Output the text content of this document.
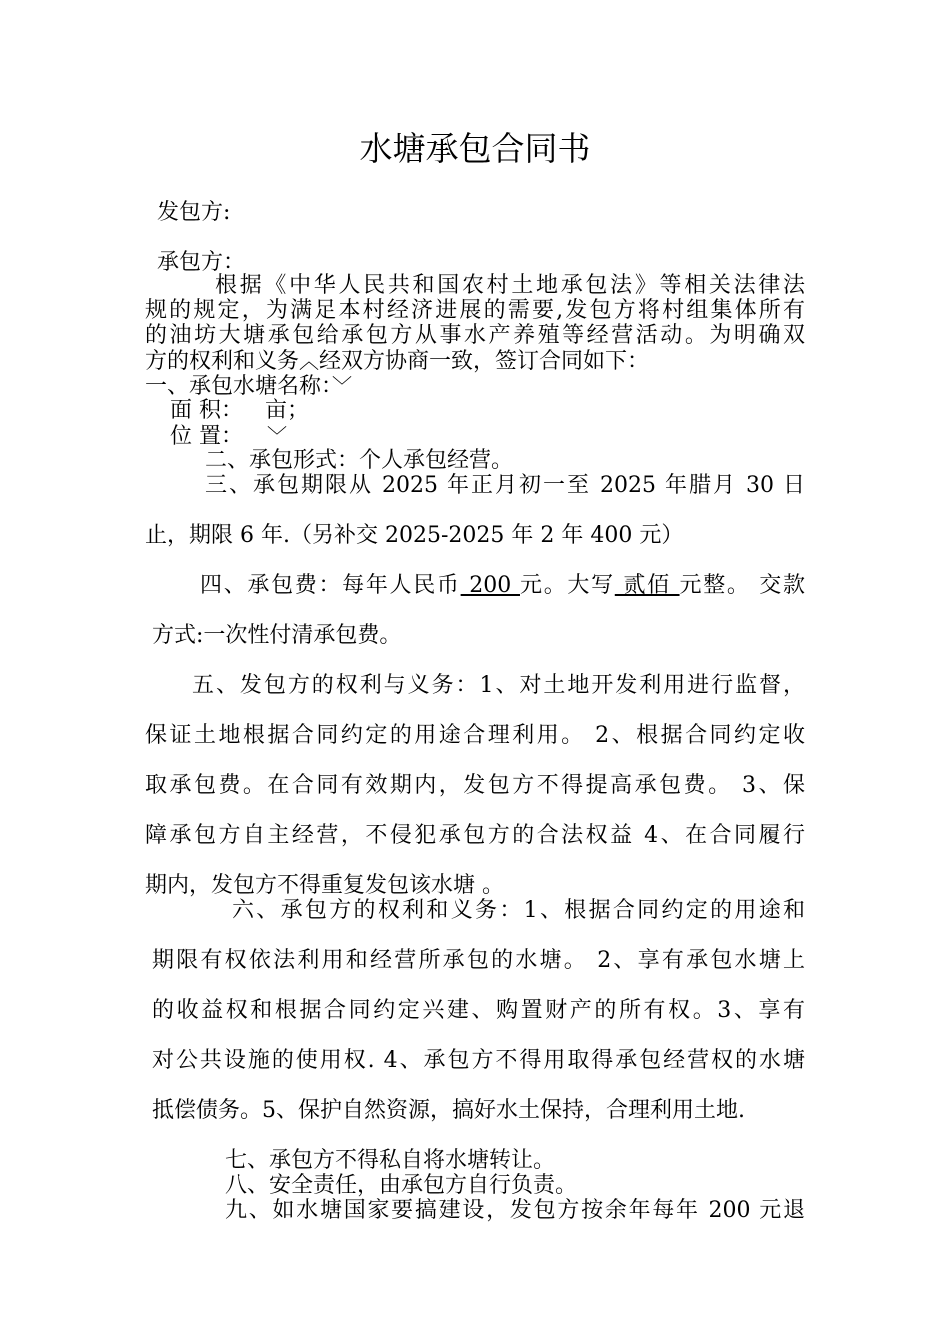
水塘承包合同书

发包方:

承包方：

根据《中华人民共和国农村土地承包法》等相关法律法

规的规定，为满足本村经济进展的需要,发包方将村组集体所有

的油坊大塘承包给承包方从事水产养殖等经营活动。为明确双

方的权利和义务︿经双方协商一致，签订合同如下：

一、承包水塘名称：﹀

面 积： 亩；

位 置： ﹀

二、承包形式：个人承包经营。

三、承包期限从 2025 年正月初一至 2025 年腊月 30 日

止，期限 6 年.（另补交 2025-2025 年 2 年 400 元）

四、承包费：每年人民币 200 元。大写 贰佰 元整。 交款

方式:一次性付清承包费。

五、发包方的权利与义务：1、对土地开发利用进行监督，

保证土地根据合同约定的用途合理利用。 2、根据合同约定收

取承包费。在合同有效期内，发包方不得提高承包费。 3、保

障承包方自主经营，不侵犯承包方的合法权益 4、在合同履行

期内，发包方不得重复发包该水塘 。

六、承包方的权利和义务：1、根据合同约定的用途和

期限有权依法利用和经营所承包的水塘。 2、享有承包水塘上

的收益权和根据合同约定兴建、购置财产的所有权。3、享有

对公共设施的使用权. 4、承包方不得用取得承包经营权的水塘

抵偿债务。5、保护自然资源，搞好水土保持，合理利用土地.

七、承包方不得私自将水塘转让。

八、安全责任，由承包方自行负责。

九、如水塘国家要搞建设，发包方按余年每年 200 元退
